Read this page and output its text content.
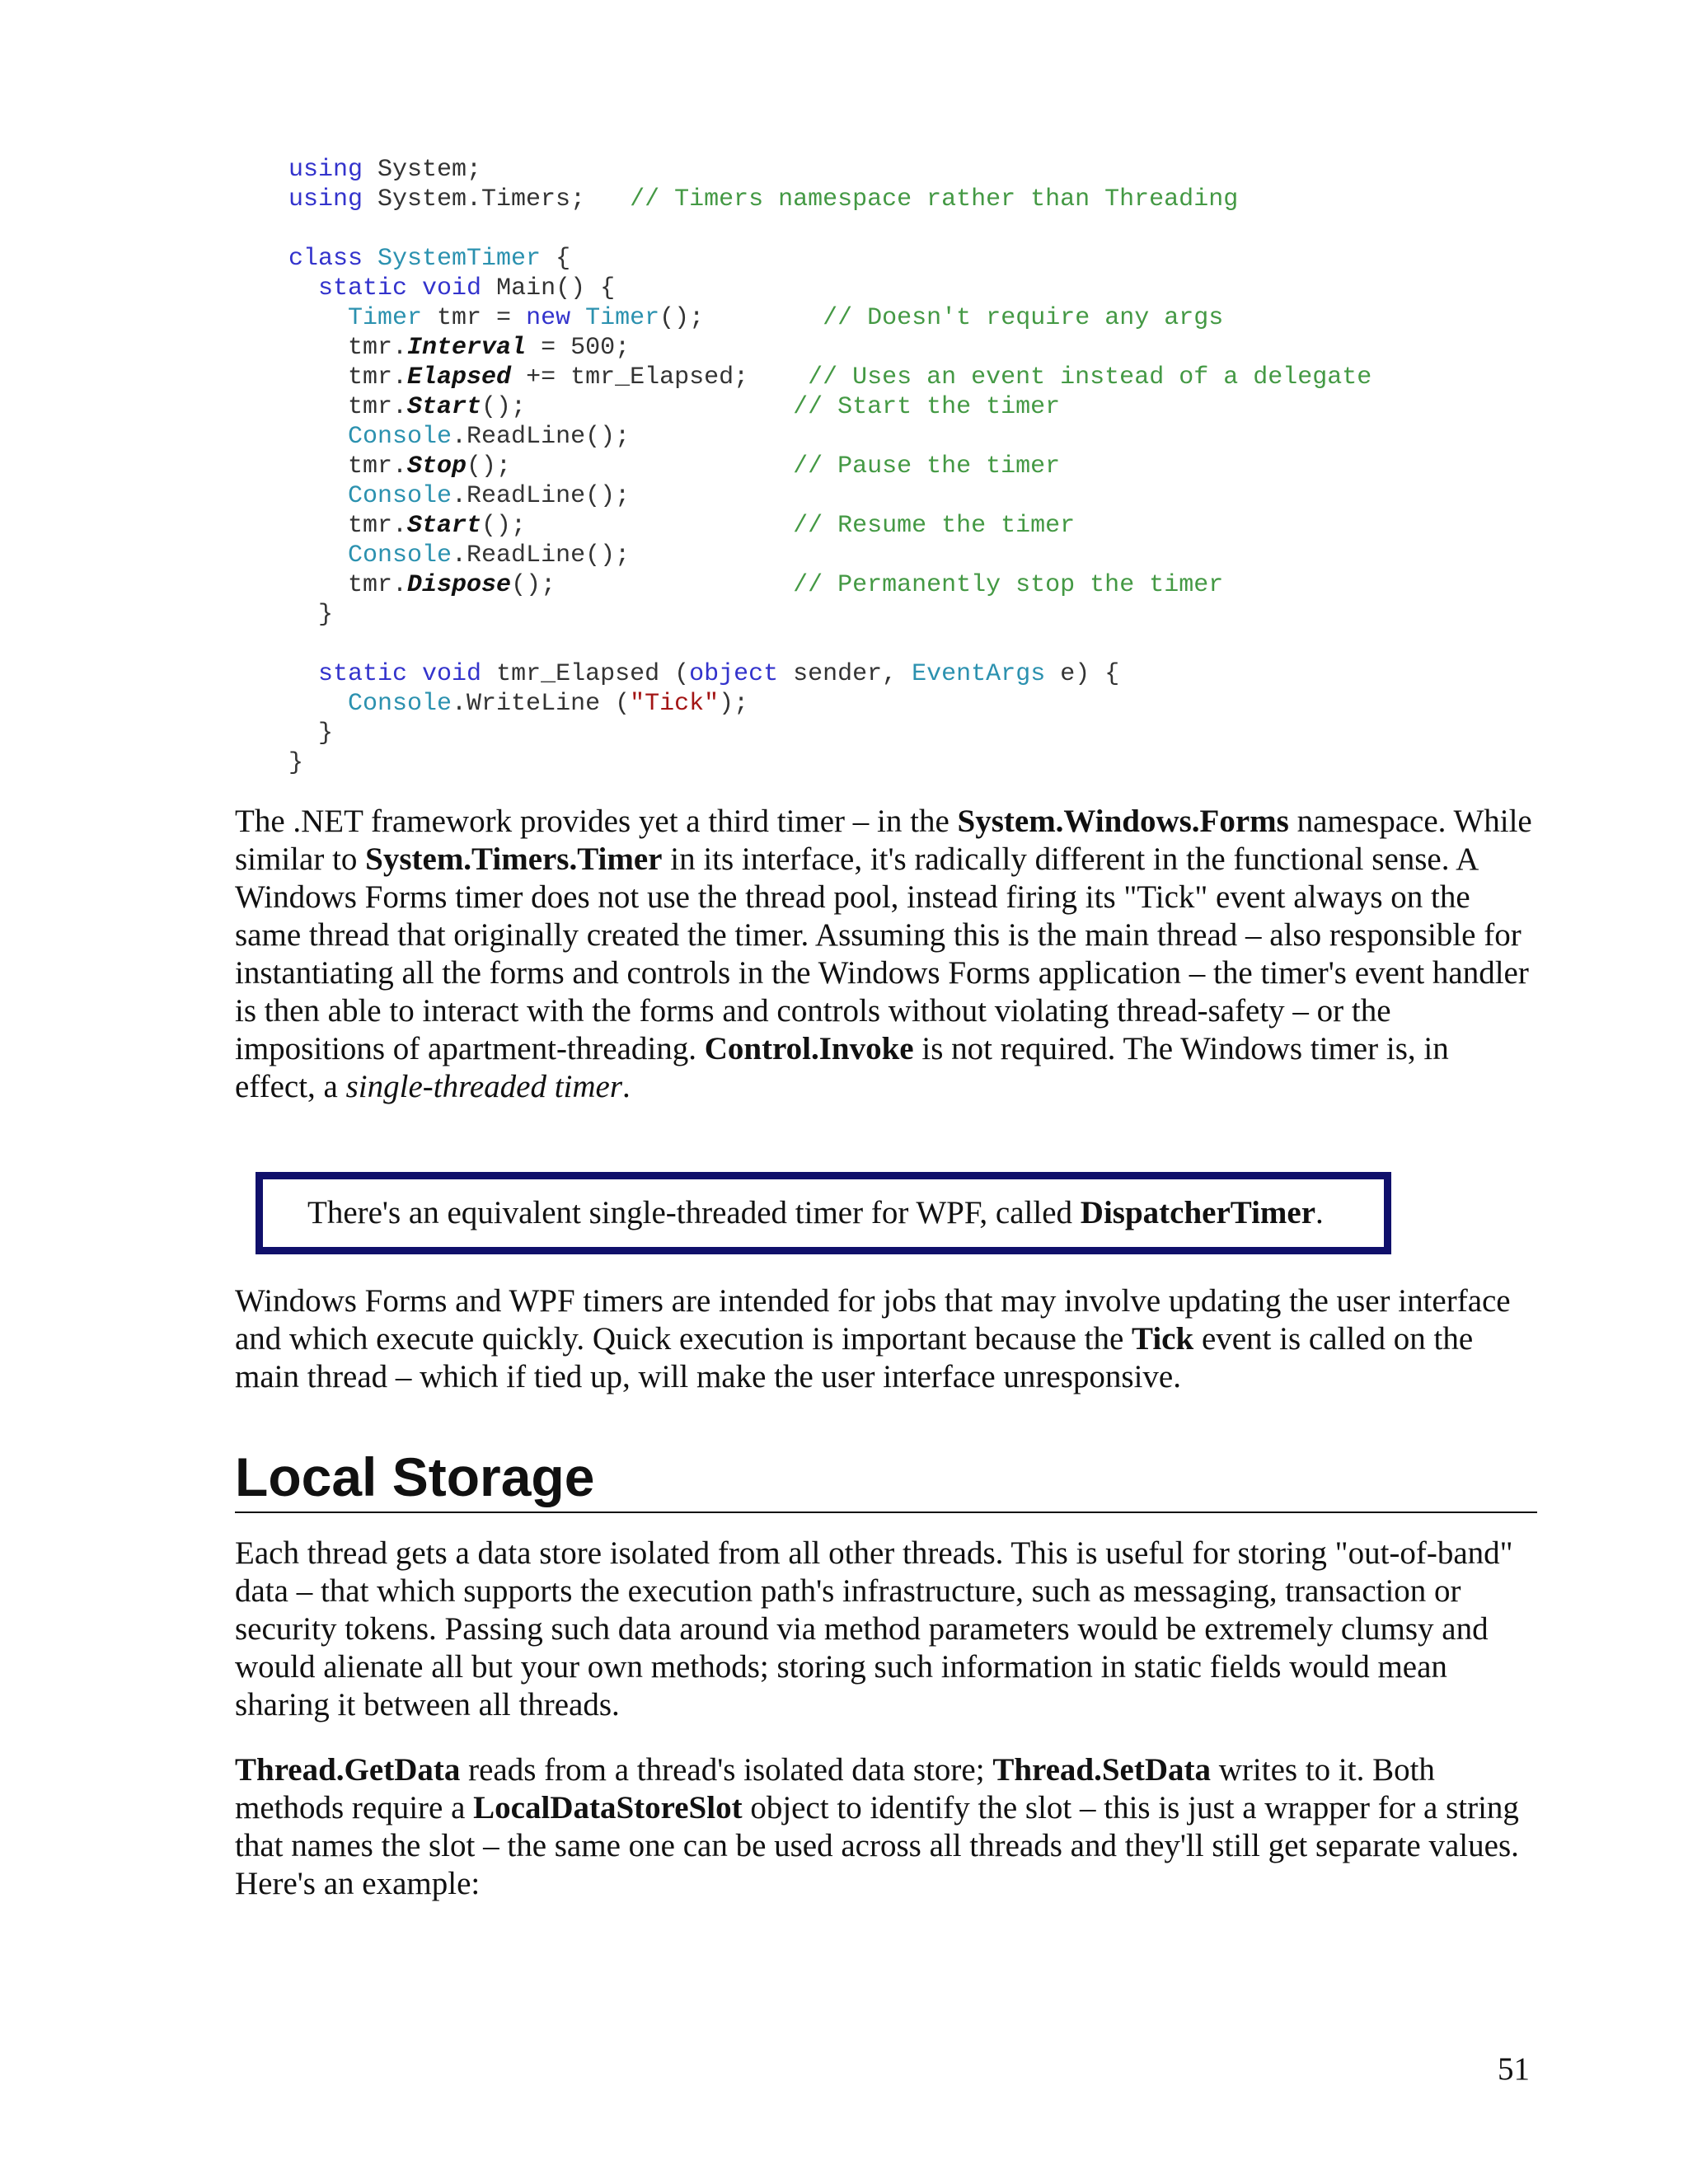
using System;
using System.Timers;   // Timers namespace rather than Threading
class SystemTimer {
static void Main() {
Timer tmr = new Timer();        // Doesn't require any args
tmr.Interval = 500;
tmr.Elapsed += tmr_Elapsed;    // Uses an event instead of a delegate
tmr.Start();                  // Start the timer
Console.ReadLine();
tmr.Stop();                   // Pause the timer
Console.ReadLine();
tmr.Start();                  // Resume the timer
Console.ReadLine();
tmr.Dispose();                // Permanently stop the timer
}
static void tmr_Elapsed (object sender, EventArgs e) {
Console.WriteLine ("Tick");
}
}

The .NET framework provides yet a third timer – in the System.Windows.Forms namespace. While similar to System.Timers.Timer in its interface, it's radically different in the functional sense. A Windows Forms timer does not use the thread pool, instead firing its "Tick" event always on the same thread that originally created the timer. Assuming this is the main thread – also responsible for instantiating all the forms and controls in the Windows Forms application – the timer's event handler is then able to interact with the forms and controls without violating thread-safety – or the impositions of apartment-threading. Control.Invoke is not required. The Windows timer is, in effect, a single-threaded timer.

There's an equivalent single-threaded timer for WPF, called DispatcherTimer.

Windows Forms and WPF timers are intended for jobs that may involve updating the user interface and which execute quickly. Quick execution is important because the Tick event is called on the main thread – which if tied up, will make the user interface unresponsive.

Local Storage

Each thread gets a data store isolated from all other threads. This is useful for storing "out-of-band" data – that which supports the execution path's infrastructure, such as messaging, transaction or security tokens. Passing such data around via method parameters would be extremely clumsy and would alienate all but your own methods; storing such information in static fields would mean sharing it between all threads.

Thread.GetData reads from a thread's isolated data store; Thread.SetData writes to it. Both methods require a LocalDataStoreSlot object to identify the slot – this is just a wrapper for a string that names the slot – the same one can be used across all threads and they'll still get separate values. Here's an example:

51
